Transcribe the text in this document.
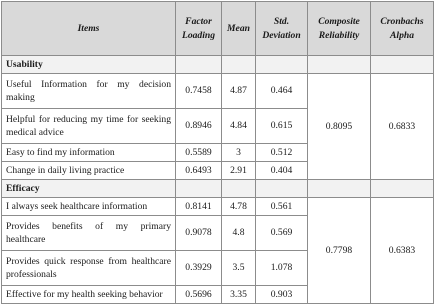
Items	Factor Loading	Mean	Std. Deviation	Composite Reliability	Cronbachs Alpha
Usability					
Useful Information for my decision making	0.7458	4.87	0.464	0.8095	0.6833
Helpful for reducing my time for seeking medical advice	0.8946	4.84	0.615		
Easy to find my information	0.5589	3	0.512		
Change in daily living practice	0.6493	2.91	0.404		
Efficacy					
I always seek healthcare information	0.8141	4.78	0.561	0.7798	0.6383
Provides benefits of my primary healthcare	0.9078	4.8	0.569		
Provides quick response from healthcare professionals	0.3929	3.5	1.078		
Effective for my health seeking behavior	0.5696	3.35	0.903		
